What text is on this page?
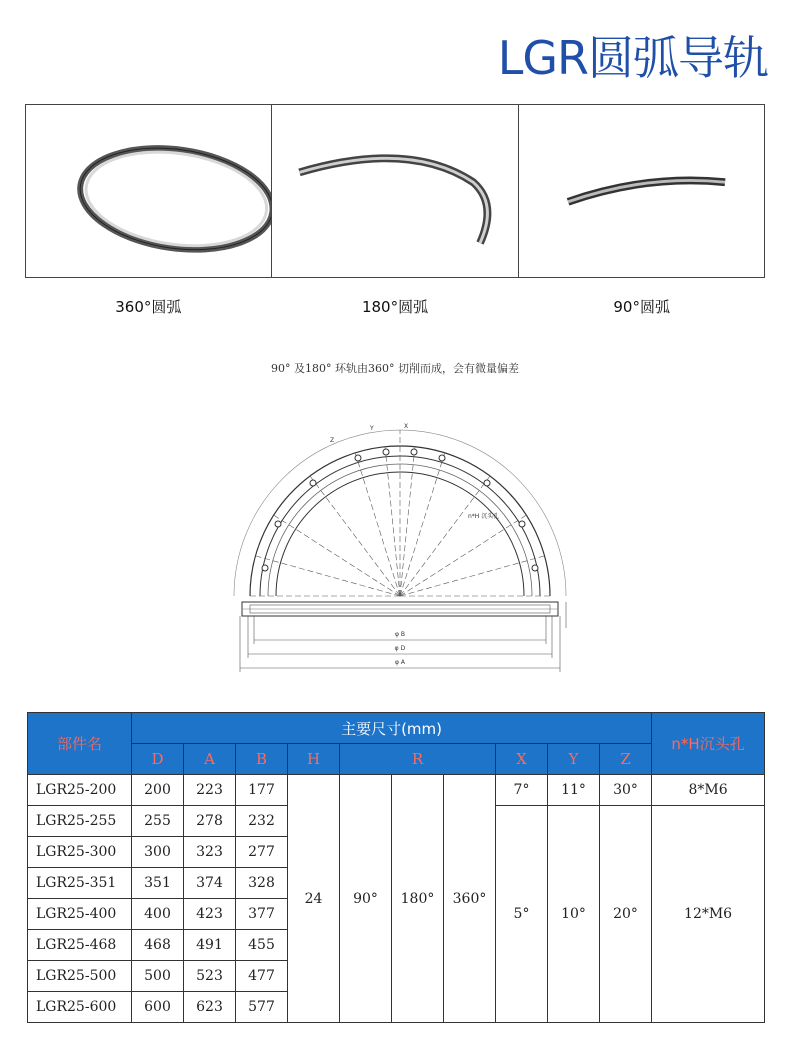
LGR圆弧导轨
360°圆弧	180°圆弧	90°圆弧
90° 及180° 环轨由360° 切削而成，会有微量偏差
φ B
φ D
φ A
n*H 沉头孔
X
Y
Z
部件名	主要尺寸(mm)										n*H沉头孔
	D	A	B	H	R			X	Y	Z	
LGR25-200	200	223	177	24	90°	180°	360°	7°	11°	30°	8*M6
LGR25-255	255	278	232					5°	10°	20°	12*M6
LGR25-300	300	323	277								
LGR25-351	351	374	328								
LGR25-400	400	423	377								
LGR25-468	468	491	455								
LGR25-500	500	523	477								
LGR25-600	600	623	577								
